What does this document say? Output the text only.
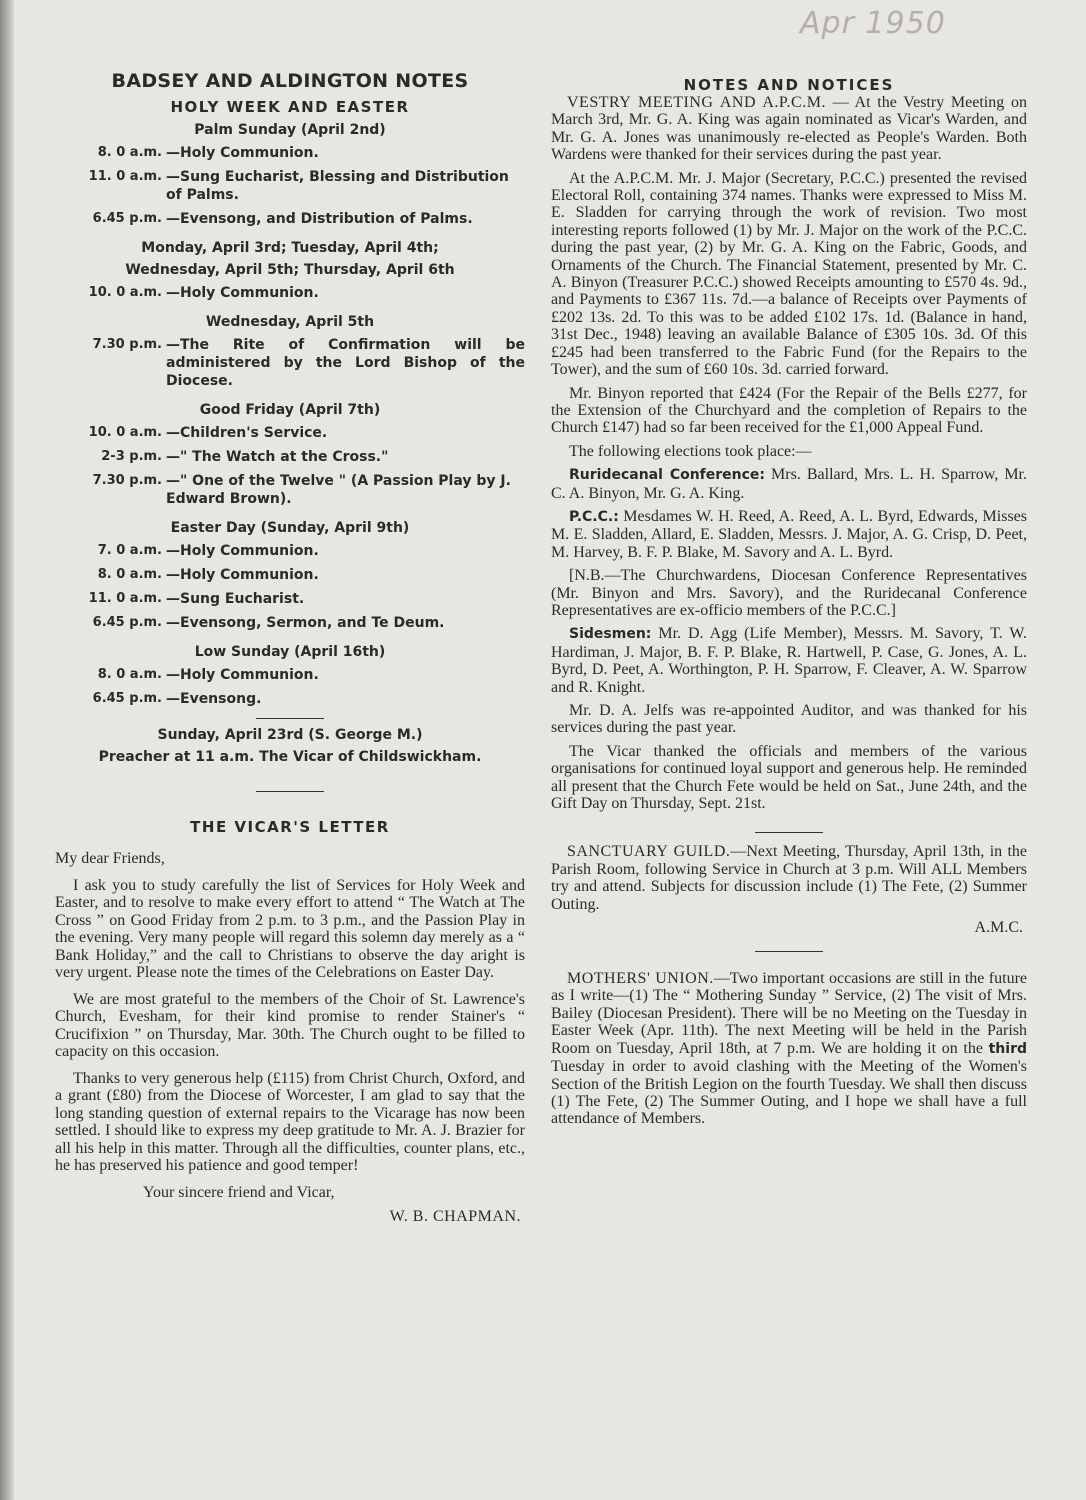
Apr 1950
BADSEY AND ALDINGTON NOTES
HOLY WEEK AND EASTER
Palm Sunday (April 2nd)
8. 0 a.m. —Holy Communion.
11. 0 a.m. —Sung Eucharist, Blessing and Distribution of Palms.
6.45 p.m. —Evensong, and Distribution of Palms.
Monday, April 3rd; Tuesday, April 4th;
Wednesday, April 5th; Thursday, April 6th
10. 0 a.m. —Holy Communion.
Wednesday, April 5th
7.30 p.m. —The Rite of Confirmation will be administered by the Lord Bishop of the Diocese.
Good Friday (April 7th)
10. 0 a.m. —Children's Service.
2-3 p.m. —" The Watch at the Cross."
7.30 p.m. —" One of the Twelve " (A Passion Play by J. Edward Brown).
Easter Day (Sunday, April 9th)
7. 0 a.m. —Holy Communion.
8. 0 a.m. —Holy Communion.
11. 0 a.m. —Sung Eucharist.
6.45 p.m. —Evensong, Sermon, and Te Deum.
Low Sunday (April 16th)
8. 0 a.m. —Holy Communion.
6.45 p.m. —Evensong.
Sunday, April 23rd (S. George M.)
Preacher at 11 a.m. The Vicar of Childswickham.
THE VICAR'S LETTER

My dear Friends,

I ask you to study carefully the list of Services for Holy Week and Easter, and to resolve to make every effort to attend “ The Watch at The Cross ” on Good Friday from 2 p.m. to 3 p.m., and the Passion Play in the evening. Very many people will regard this solemn day merely as a “ Bank Holiday,” and the call to Christians to observe the day aright is very urgent. Please note the times of the Celebrations on Easter Day.

We are most grateful to the members of the Choir of St. Lawrence's Church, Evesham, for their kind promise to render Stainer's “ Crucifixion ” on Thursday, Mar. 30th. The Church ought to be filled to capacity on this occasion.

Thanks to very generous help (£115) from Christ Church, Oxford, and a grant (£80) from the Diocese of Worcester, I am glad to say that the long standing question of external repairs to the Vicarage has now been settled. I should like to express my deep gratitude to Mr. A. J. Brazier for all his help in this matter. Through all the difficulties, counter plans, etc., he has preserved his patience and good temper!

Your sincere friend and Vicar,
W. B. CHAPMAN.
NOTES AND NOTICES

VESTRY MEETING AND A.P.C.M. — At the Vestry Meeting on March 3rd, Mr. G. A. King was again nominated as Vicar's Warden, and Mr. G. A. Jones was unanimously re-elected as People's Warden. Both Wardens were thanked for their services during the past year.

At the A.P.C.M. Mr. J. Major (Secretary, P.C.C.) presented the revised Electoral Roll, containing 374 names. Thanks were expressed to Miss M. E. Sladden for carrying through the work of revision. Two most interesting reports followed (1) by Mr. J. Major on the work of the P.C.C. during the past year, (2) by Mr. G. A. King on the Fabric, Goods, and Ornaments of the Church. The Financial Statement, presented by Mr. C. A. Binyon (Treasurer P.C.C.) showed Receipts amounting to £570 4s. 9d., and Payments to £367 11s. 7d.—a balance of Receipts over Payments of £202 13s. 2d. To this was to be added £102 17s. 1d. (Balance in hand, 31st Dec., 1948) leaving an available Balance of £305 10s. 3d. Of this £245 had been transferred to the Fabric Fund (for the Repairs to the Tower), and the sum of £60 10s. 3d. carried forward.

Mr. Binyon reported that £424 (For the Repair of the Bells £277, for the Extension of the Churchyard and the completion of Repairs to the Church £147) had so far been received for the £1,000 Appeal Fund.

The following elections took place:—

Ruridecanal Conference: Mrs. Ballard, Mrs. L. H. Sparrow, Mr. C. A. Binyon, Mr. G. A. King.

P.C.C.: Mesdames W. H. Reed, A. Reed, A. L. Byrd, Edwards, Misses M. E. Sladden, Allard, E. Sladden, Messrs. J. Major, A. G. Crisp, D. Peet, M. Harvey, B. F. P. Blake, M. Savory and A. L. Byrd.

[N.B.—The Churchwardens, Diocesan Conference Representatives (Mr. Binyon and Mrs. Savory), and the Ruridecanal Conference Representatives are ex-officio members of the P.C.C.]

Sidesmen: Mr. D. Agg (Life Member), Messrs. M. Savory, T. W. Hardiman, J. Major, B. F. P. Blake, R. Hartwell, P. Case, G. Jones, A. L. Byrd, D. Peet, A. Worthington, P. H. Sparrow, F. Cleaver, A. W. Sparrow and R. Knight.

Mr. D. A. Jelfs was re-appointed Auditor, and was thanked for his services during the past year.

The Vicar thanked the officials and members of the various organisations for continued loyal support and generous help. He reminded all present that the Church Fete would be held on Sat., June 24th, and the Gift Day on Thursday, Sept. 21st.

SANCTUARY GUILD.—Next Meeting, Thursday, April 13th, in the Parish Room, following Service in Church at 3 p.m. Will ALL Members try and attend. Subjects for discussion include (1) The Fete, (2) Summer Outing.

A.M.C.

MOTHERS' UNION.—Two important occasions are still in the future as I write—(1) The “ Mothering Sunday ” Service, (2) The visit of Mrs. Bailey (Diocesan President). There will be no Meeting on the Tuesday in Easter Week (Apr. 11th). The next Meeting will be held in the Parish Room on Tuesday, April 18th, at 7 p.m. We are holding it on the third Tuesday in order to avoid clashing with the Meeting of the Women's Section of the British Legion on the fourth Tuesday. We shall then discuss (1) The Fete, (2) The Summer Outing, and I hope we shall have a full attendance of Members.
